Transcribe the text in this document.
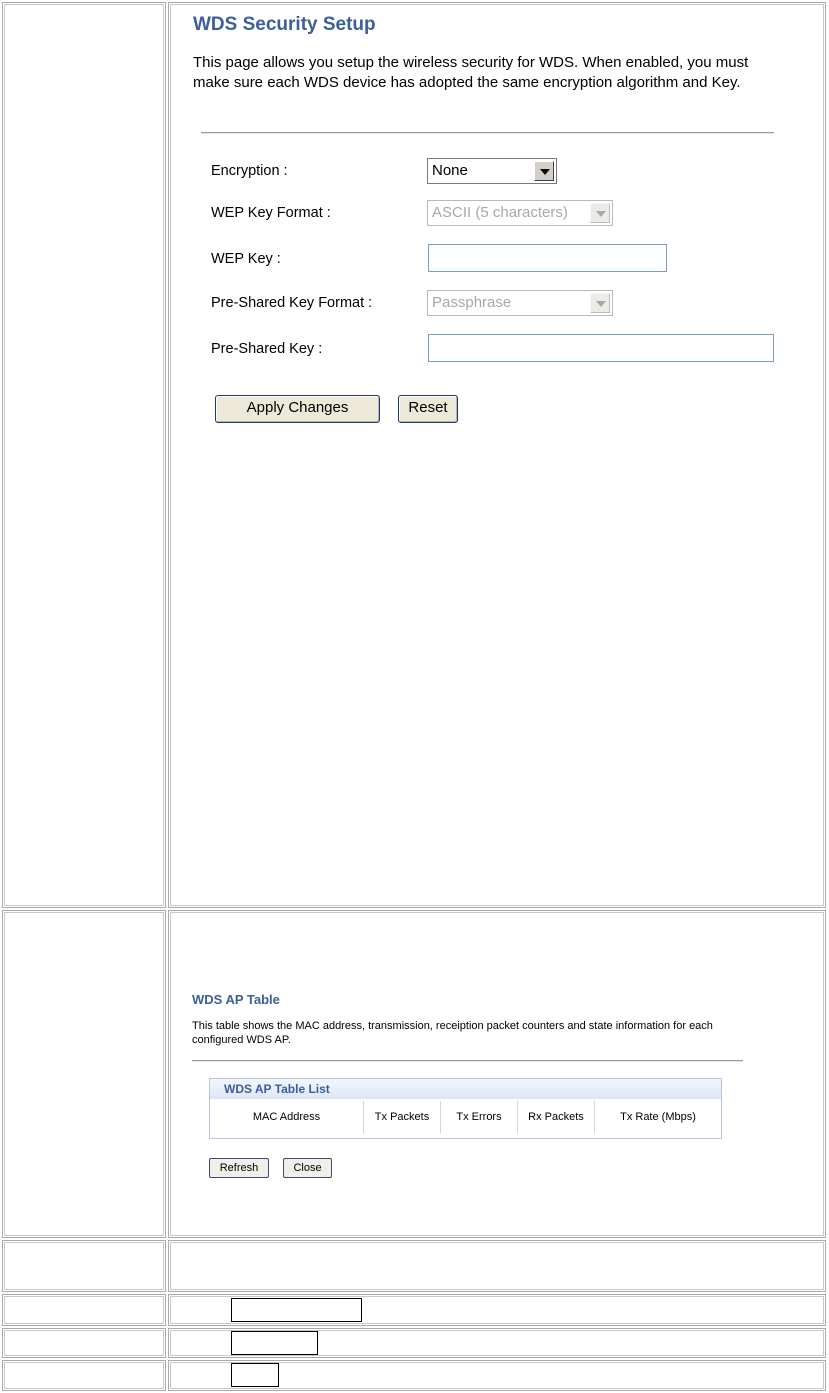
WDS Security Setup
This page allows you setup the wireless security for WDS. When enabled, you must make sure each WDS device has adopted the same encryption algorithm and Key.
Encryption :	None
WEP Key Format :	ASCII (5 characters)
WEP Key :
Pre-Shared Key Format :	Passphrase
Pre-Shared Key :
Apply Changes	Reset
WDS AP Table
This table shows the MAC address, transmission, receiption packet counters and state information for each configured WDS AP.
WDS AP Table List
MAC Address	Tx Packets	Tx Errors	Rx Packets	Tx Rate (Mbps)
Refresh	Close
